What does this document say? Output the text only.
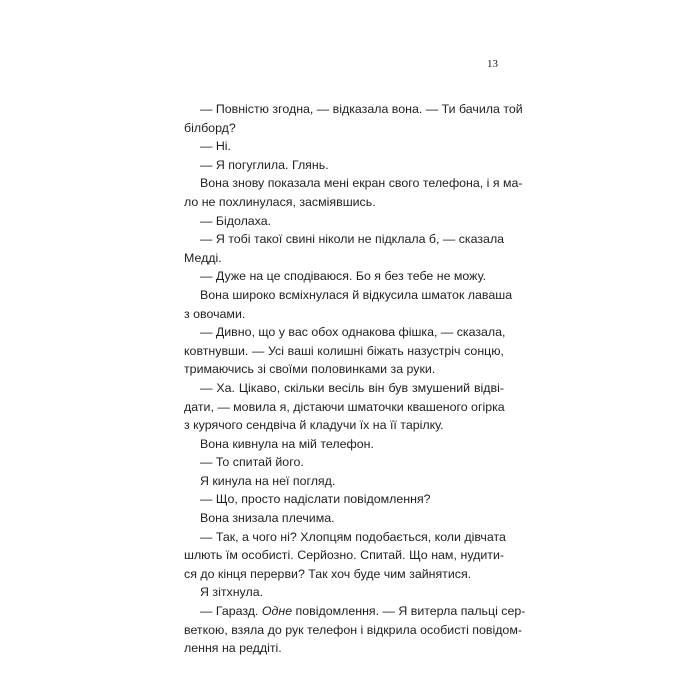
13
— Повністю згодна, — відказала вона. — Ти бачила той
білборд?
— Ні.
— Я погуглила. Глянь.
Вона знову показала мені екран свого телефона, і я ма-
ло не похлинулася, засміявшись.
— Бідолаха.
— Я тобі такої свині ніколи не підклала б, — сказала
Медді.
— Дуже на це сподіваюся. Бо я без тебе не можу.
Вона широко всміхнулася й відкусила шматок лаваша
з овочами.
— Дивно, що у вас обох однакова фішка, — сказала,
ковтнувши. — Усі ваші колишні біжать назустріч сонцю,
тримаючись зі своїми половинками за руки.
— Ха. Цікаво, скільки весіль він був змушений відві-
дати, — мовила я, дістаючи шматочки квашеного огірка
з курячого сендвіча й кладучи їх на її тарілку.
Вона кивнула на мій телефон.
— То спитай його.
Я кинула на неї погляд.
— Що, просто надіслати повідомлення?
Вона знизала плечима.
— Так, а чого ні? Хлопцям подобається, коли дівчата
шлють їм особисті. Серйозно. Спитай. Що нам, нудити-
ся до кінця перерви? Так хоч буде чим зайнятися.
Я зітхнула.
— Гаразд. Одне повідомлення. — Я витерла пальці сер-
веткою, взяла до рук телефон і відкрила особисті повідом-
лення на реддіті.
